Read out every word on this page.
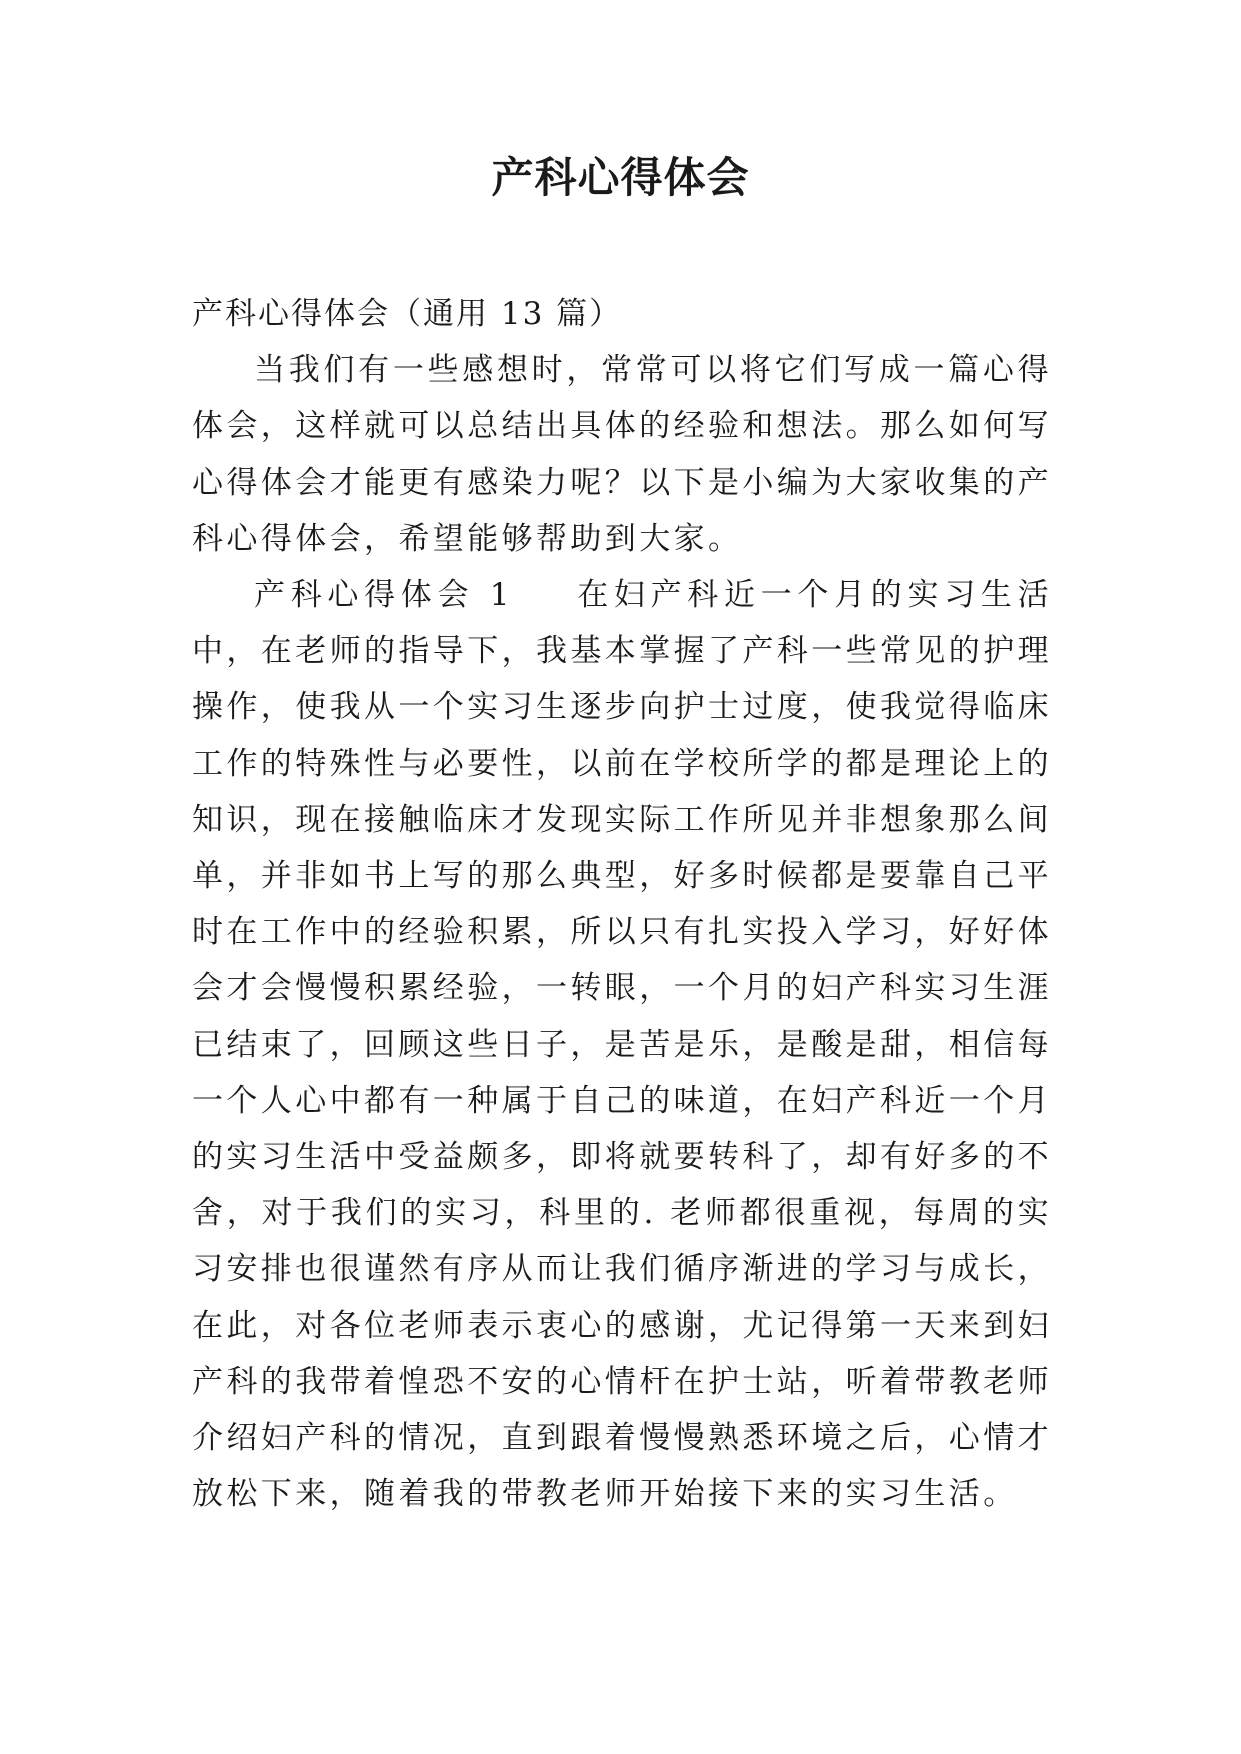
产科心得体会

产科心得体会（通用 13 篇）

当我们有一些感想时，常常可以将它们写成一篇心得体会，这样就可以总结出具体的经验和想法。那么如何写心得体会才能更有感染力呢？以下是小编为大家收集的产科心得体会，希望能够帮助到大家。

产科心得体会 1 在妇产科近一个月的实习生活中，在老师的指导下，我基本掌握了产科一些常见的护理操作，使我从一个实习生逐步向护士过度，使我觉得临床工作的特殊性与必要性，以前在学校所学的都是理论上的知识，现在接触临床才发现实际工作所见并非想象那么间单，并非如书上写的那么典型，好多时候都是要靠自己平时在工作中的经验积累，所以只有扎实投入学习，好好体会才会慢慢积累经验，一转眼，一个月的妇产科实习生涯已结束了，回顾这些日子，是苦是乐，是酸是甜，相信每一个人心中都有一种属于自己的味道，在妇产科近一个月的实习生活中受益颇多，即将就要转科了，却有好多的不舍，对于我们的实习，科里的. 老师都很重视，每周的实习安排也很谨然有序从而让我们循序渐进的学习与成长，在此，对各位老师表示衷心的感谢，尤记得第一天来到妇产科的我带着惶恐不安的心情杆在护士站，听着带教老师介绍妇产科的情况，直到跟着慢慢熟悉环境之后，心情才放松下来，随着我的带教老师开始接下来的实习生活。
